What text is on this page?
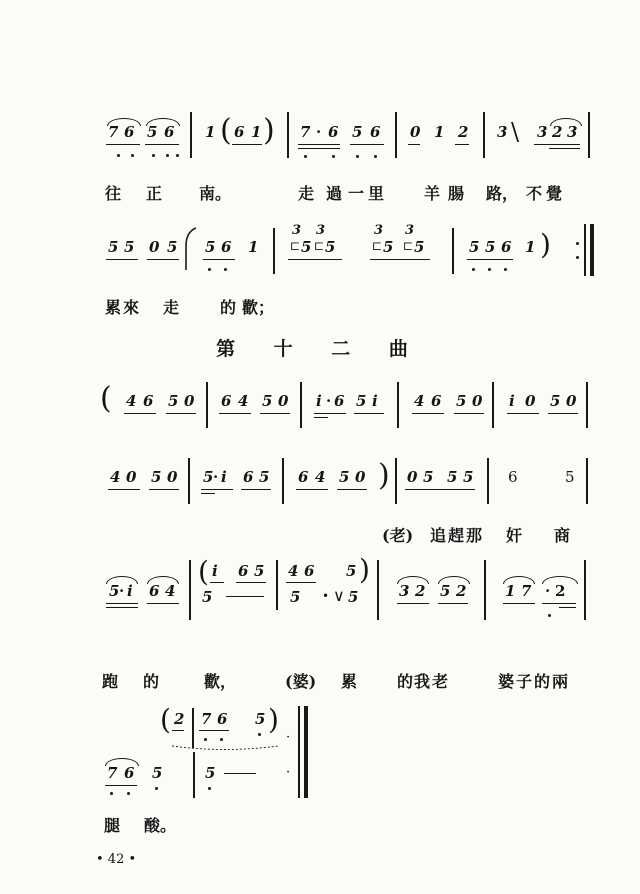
7 6 5 6 1 ( 6 1 ) 7 · 6 5 6 0 1 2 3 \ 3 2 3
往 正 南。	走 過 一 里 羊 腸 路， 不 覺
5 5 0 5 5 6 1
3
⊏ 5
3
⊏ 5
3
⊏ 5
3
⊏ 5	5 5 6 1 )
累 來 走	的 歡；
第 十 二 曲
( 4 6 5 0 6 4 5 0 i · 6 5 i 4 6 5 0 i 0 5 0
4 0 5 0 5 · i 6 5 6 4 5 0 ) 0 5 5 5 6	5
(老) 追 趕 那 奸 商
5 · i 6 4
( i 6 5
5
4 6 5 )
5 • ∨ 5	3 2 5 2	1 7 · 2
跑 的	歡，	(婆) 累 的 我 老	婆 子 的 兩
( 2 7 6 5 )
·
7 6 5	5	·
腿 酸。
• 42 •
